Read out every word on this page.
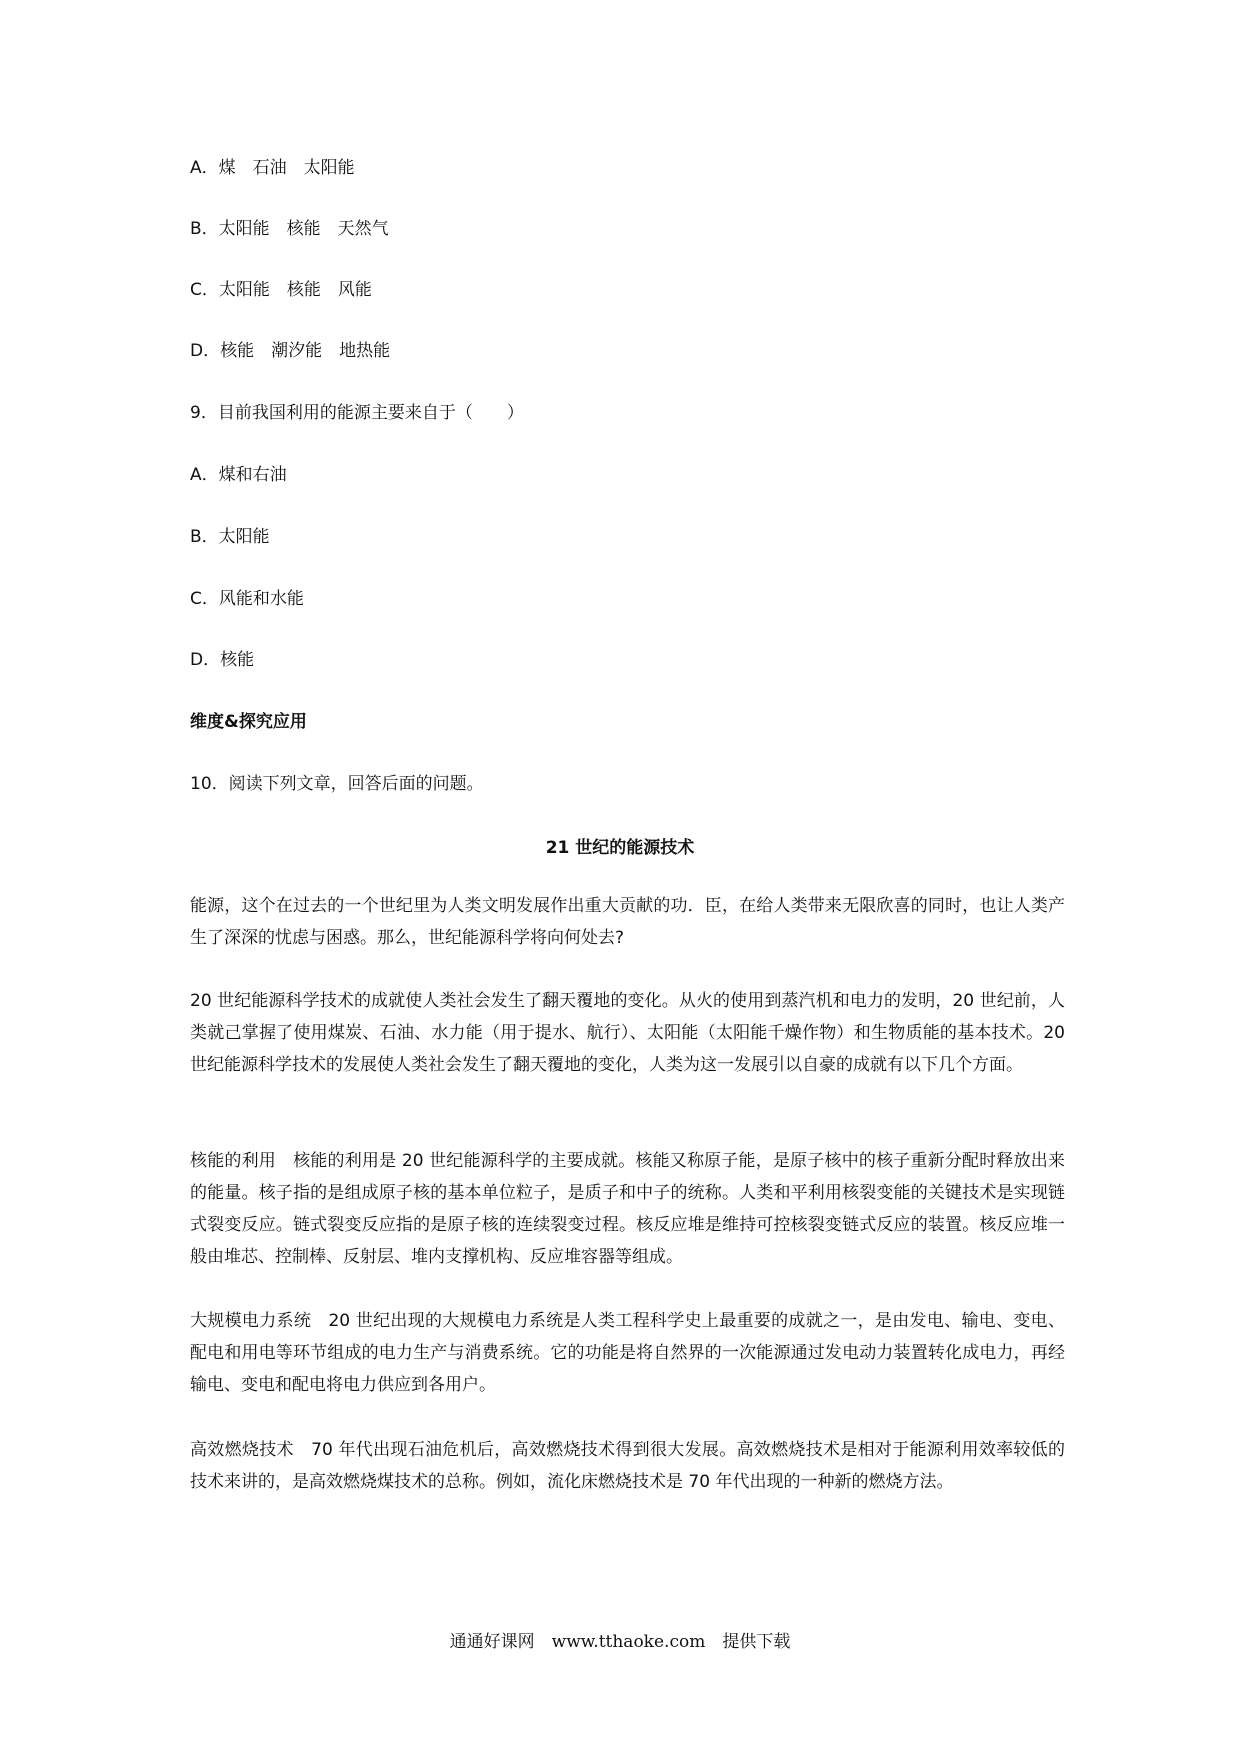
A．煤　石油　太阳能
B．太阳能　核能　天然气
C．太阳能　核能　风能
D．核能　潮汐能　地热能
9．目前我国利用的能源主要来自于（　　）
A．煤和右油
B．太阳能
C．风能和水能
D．核能
维度&探究应用
10．阅读下列文章，回答后面的问题。
21 世纪的能源技术
能源，这个在过去的一个世纪里为人类文明发展作出重大贡献的功．臣，在给人类带来无限欣喜的同时，也让人类产生了深深的忧虑与困惑。那么，世纪能源科学将向何处去?
20 世纪能源科学技术的成就使人类社会发生了翻天覆地的变化。从火的使用到蒸汽机和电力的发明，20 世纪前，人类就己掌握了使用煤炭、石油、水力能（用于提水、航行）、太阳能（太阳能千燥作物）和生物质能的基本技术。20 世纪能源科学技术的发展使人类社会发生了翻天覆地的变化，人类为这一发展引以自豪的成就有以下几个方面。
核能的利用　核能的利用是 20 世纪能源科学的主要成就。核能又称原子能，是原子核中的核子重新分配时释放出来的能量。核子指的是组成原子核的基本单位粒子，是质子和中子的统称。人类和平利用核裂变能的关键技术是实现链式裂变反应。链式裂变反应指的是原子核的连续裂变过程。核反应堆是维持可控核裂变链式反应的装置。核反应堆一般由堆芯、控制棒、反射层、堆内支撑机构、反应堆容器等组成。
大规模电力系统　20 世纪出现的大规模电力系统是人类工程科学史上最重要的成就之一，是由发电、输电、变电、配电和用电等环节组成的电力生产与消费系统。它的功能是将自然界的一次能源通过发电动力装置转化成电力，再经输电、变电和配电将电力供应到各用户。
高效燃烧技术　70 年代出现石油危机后，高效燃烧技术得到很大发展。高效燃烧技术是相对于能源利用效率较低的技术来讲的，是高效燃烧煤技术的总称。例如，流化床燃烧技术是 70 年代出现的一种新的燃烧方法。
通通好课网　www.tthaoke.com　提供下载
